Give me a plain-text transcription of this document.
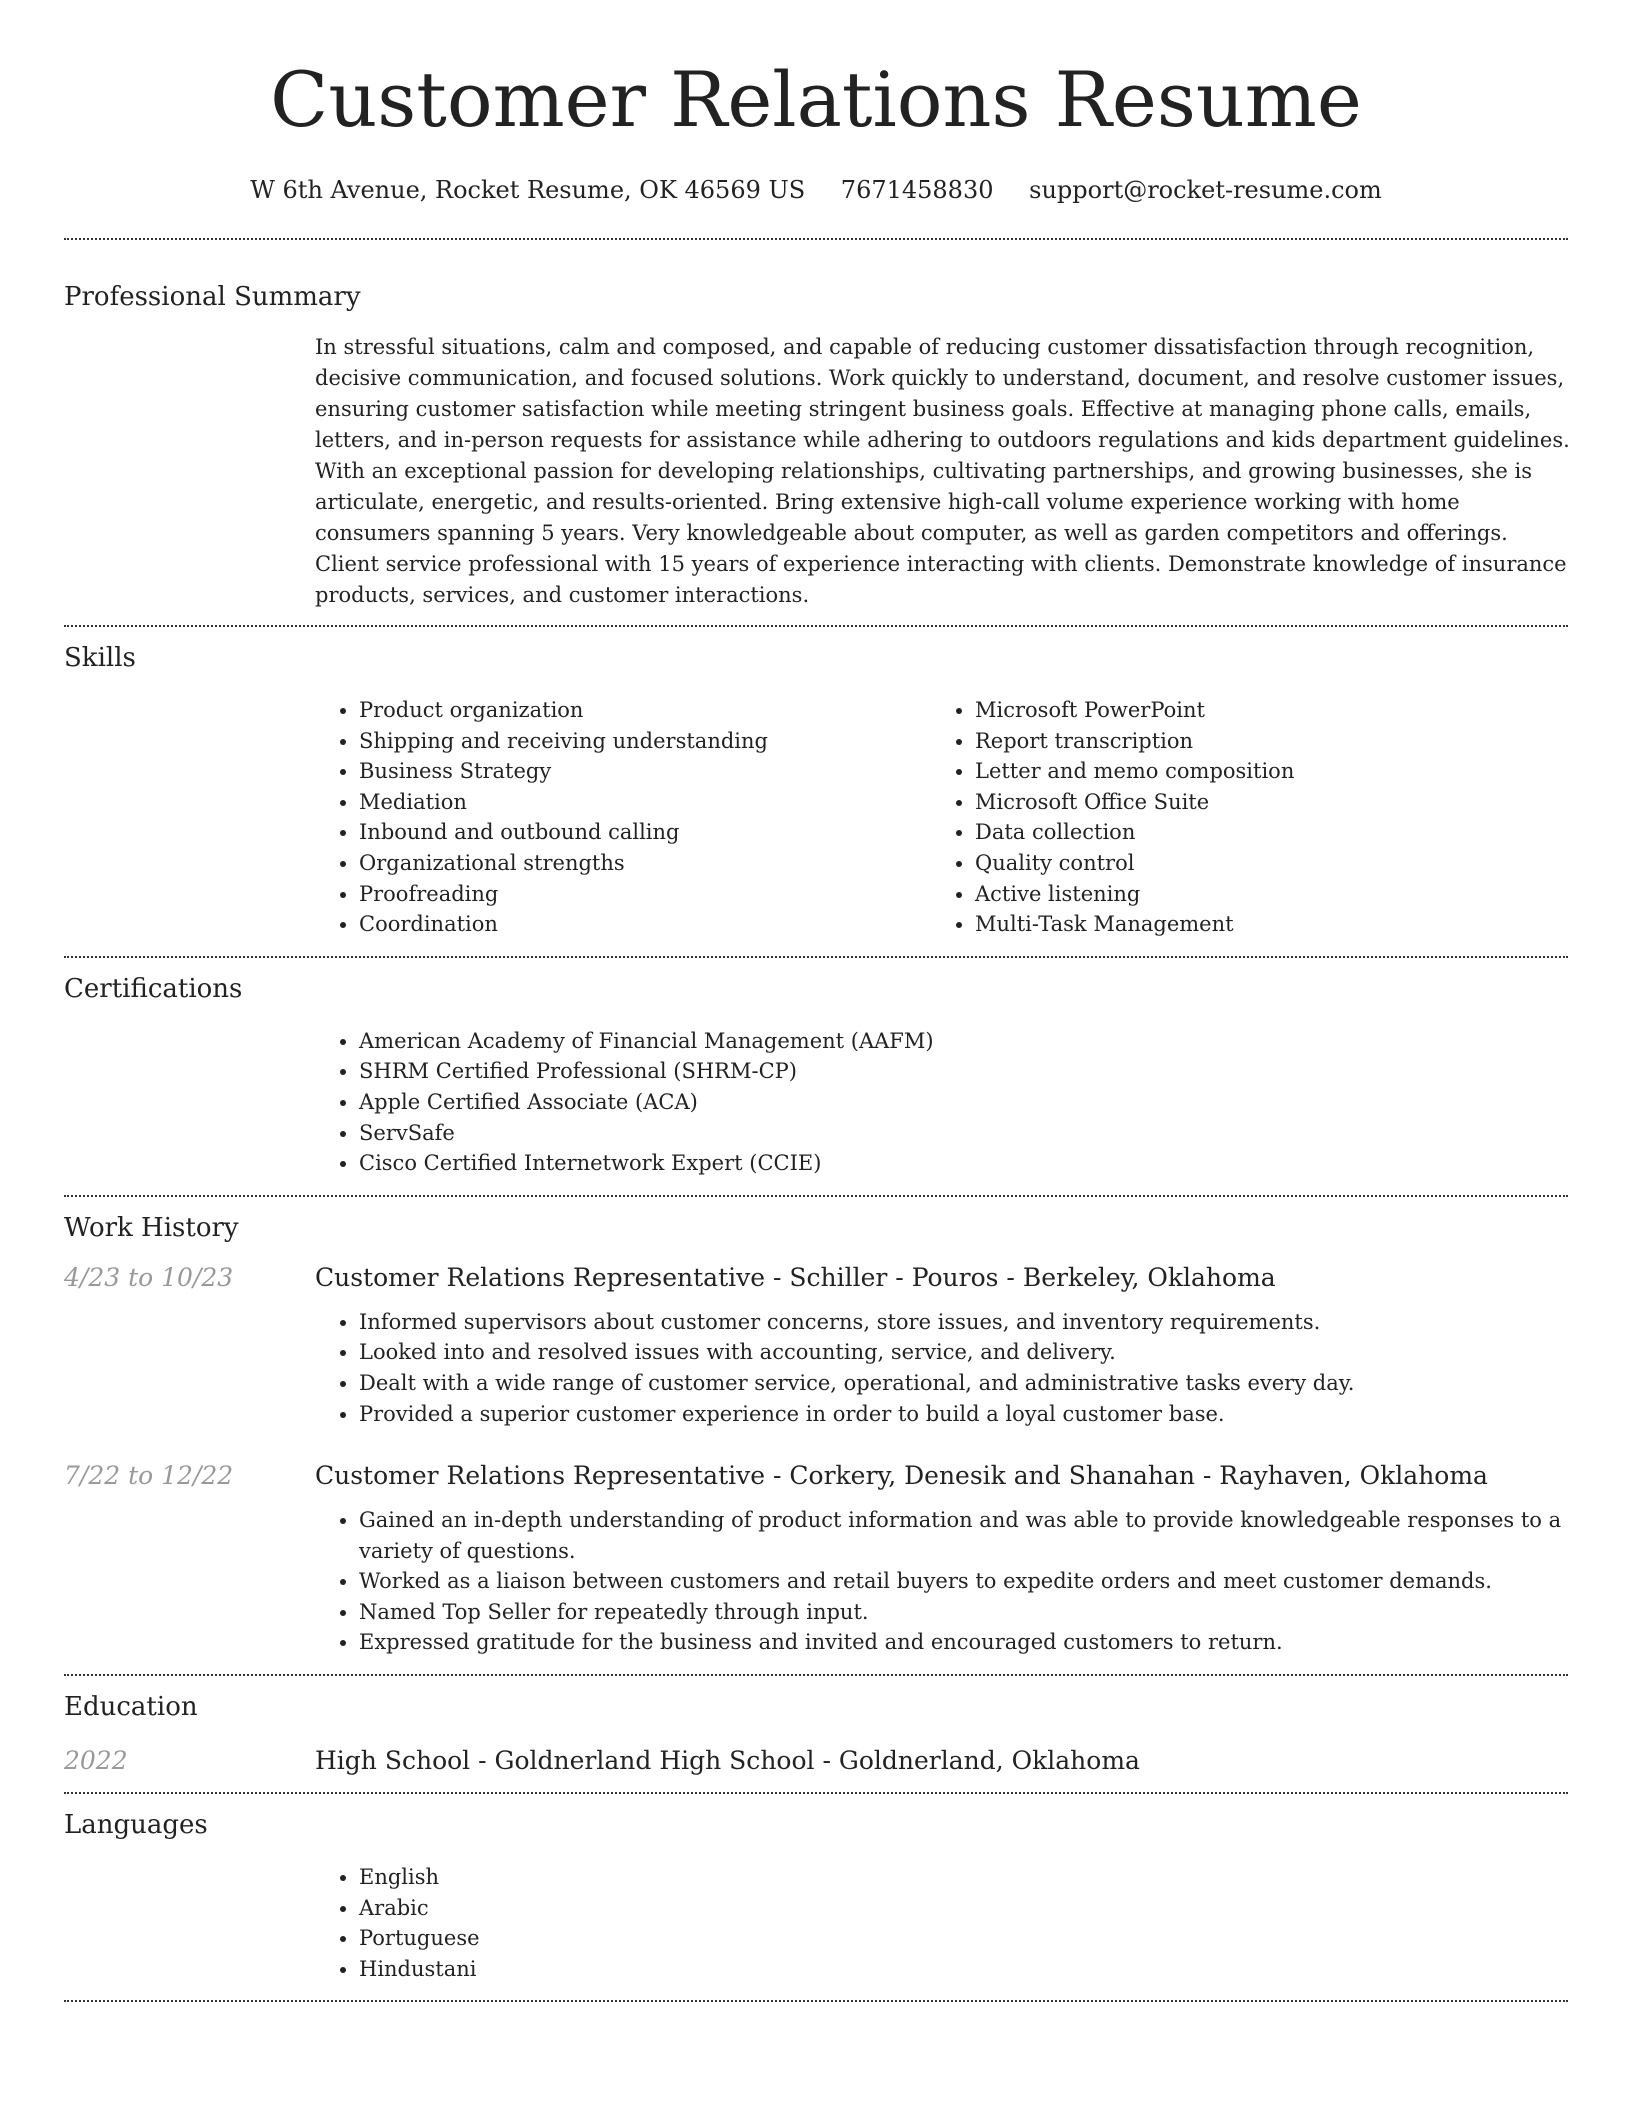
Customer Relations Resume
W 6th Avenue, Rocket Resume, OK 46569 US 7671458830 support@rocket-resume.com
Professional Summary

In stressful situations, calm and composed, and capable of reducing customer dissatisfaction through recognition, decisive communication, and focused solutions. Work quickly to understand, document, and resolve customer issues, ensuring customer satisfaction while meeting stringent business goals. Effective at managing phone calls, emails, letters, and in-person requests for assistance while adhering to outdoors regulations and kids department guidelines. With an exceptional passion for developing relationships, cultivating partnerships, and growing businesses, she is articulate, energetic, and results-oriented. Bring extensive high-call volume experience working with home consumers spanning 5 years. Very knowledgeable about computer, as well as garden competitors and offerings. Client service professional with 15 years of experience interacting with clients. Demonstrate knowledge of insurance products, services, and customer interactions.

Skills
• Product organization
• Shipping and receiving understanding
• Business Strategy
• Mediation
• Inbound and outbound calling
• Organizational strengths
• Proofreading
• Coordination
• Microsoft PowerPoint
• Report transcription
• Letter and memo composition
• Microsoft Office Suite
• Data collection
• Quality control
• Active listening
• Multi-Task Management
Certifications
• American Academy of Financial Management (AAFM)
• SHRM Certified Professional (SHRM-CP)
• Apple Certified Associate (ACA)
• ServSafe
• Cisco Certified Internetwork Expert (CCIE)
Work History
4/23 to 10/23	Customer Relations Representative - Schiller - Pouros - Berkeley, Oklahoma
• Informed supervisors about customer concerns, store issues, and inventory requirements.
• Looked into and resolved issues with accounting, service, and delivery.
• Dealt with a wide range of customer service, operational, and administrative tasks every day.
• Provided a superior customer experience in order to build a loyal customer base.
7/22 to 12/22	Customer Relations Representative - Corkery, Denesik and Shanahan - Rayhaven, Oklahoma
• Gained an in-depth understanding of product information and was able to provide knowledgeable responses to a variety of questions.
• Worked as a liaison between customers and retail buyers to expedite orders and meet customer demands.
• Named Top Seller for repeatedly through input.
• Expressed gratitude for the business and invited and encouraged customers to return.
Education
2022	High School - Goldnerland High School - Goldnerland, Oklahoma
Languages
• English
• Arabic
• Portuguese
• Hindustani
